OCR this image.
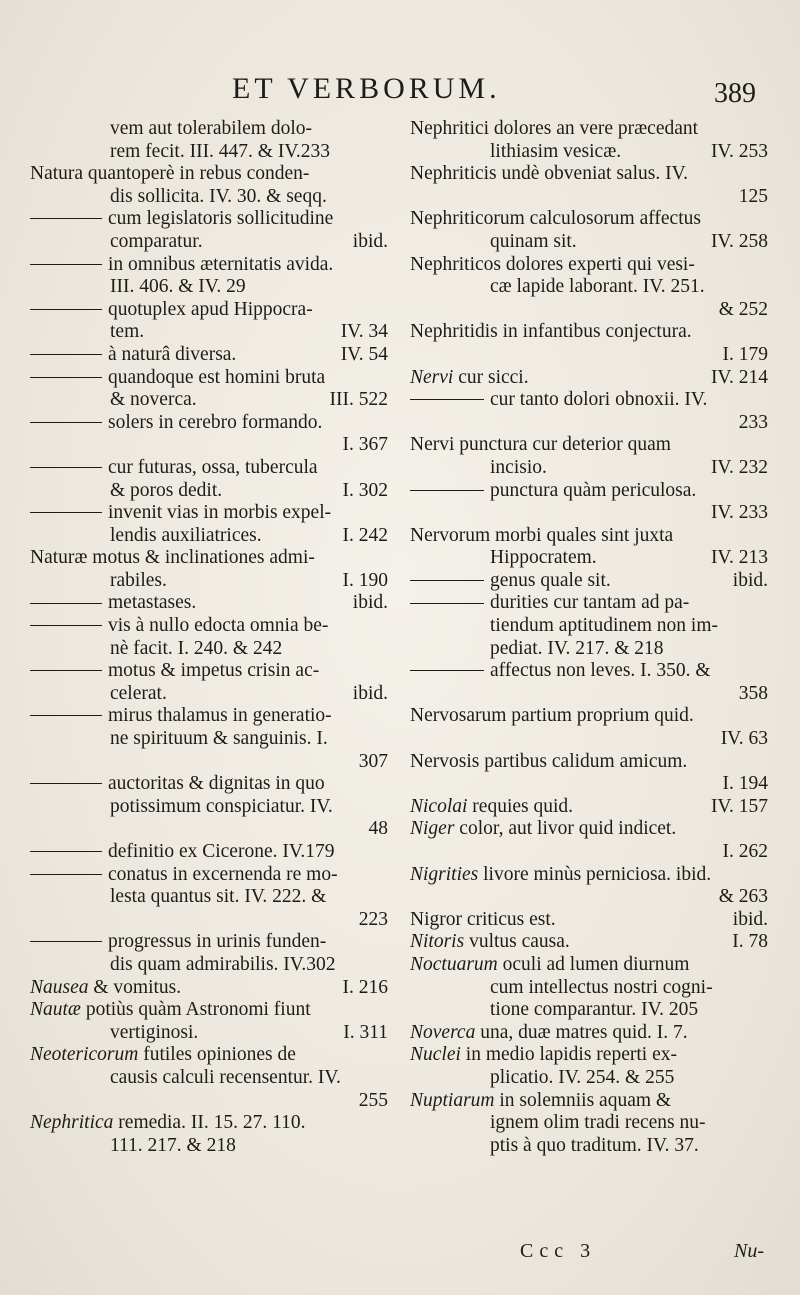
ET VERBORUM.	389
vem aut tolerabilem dolo-
rem fecit. III. 447. & IV.233
Natura quantoperè in rebus conden-
dis sollicita. IV. 30. & seqq.
cum legislatoris sollicitudine
comparatur.	ibid.
in omnibus æternitatis avida.
III. 406. & IV. 29
quotuplex apud Hippocra-
tem.	IV. 34
à naturâ diversa.	IV. 54
quandoque est homini bruta
& noverca.	III. 522
solers in cerebro formando.
I. 367
cur futuras, ossa, tubercula
& poros dedit.	I. 302
invenit vias in morbis expel-
lendis auxiliatrices.	I. 242
Naturæ motus & inclinationes admi-
rabiles.	I. 190
metastases.	ibid.
vis à nullo edocta omnia be-
nè facit. I. 240. & 242
motus & impetus crisin ac-
celerat.	ibid.
mirus thalamus in generatio-
ne spirituum & sanguinis. I.
307
auctoritas & dignitas in quo
potissimum conspiciatur. IV.
48
definitio ex Cicerone. IV.179
conatus in excernenda re mo-
lesta quantus sit. IV. 222. &
223
progressus in urinis funden-
dis quam admirabilis. IV.302
Nausea & vomitus.	I. 216
Nautæ potiùs quàm Astronomi fiunt
vertiginosi.	I. 311
Neotericorum futiles opiniones de
causis calculi recensentur. IV.
255
Nephritica remedia. II. 15. 27. 110.
111. 217. & 218
Nephritici dolores an vere præcedant
lithiasim vesicæ.	IV. 253
Nephriticis undè obveniat salus. IV.
125
Nephriticorum calculosorum affectus
quinam sit.	IV. 258
Nephriticos dolores experti qui vesi-
cæ lapide laborant. IV. 251.
& 252
Nephritidis in infantibus conjectura.
I. 179
Nervi cur sicci.	IV. 214
cur tanto dolori obnoxii. IV.
233
Nervi punctura cur deterior quam
incisio.	IV. 232
punctura quàm periculosa.
IV. 233
Nervorum morbi quales sint juxta
Hippocratem.	IV. 213
genus quale sit.	ibid.
durities cur tantam ad pa-
tiendum aptitudinem non im-
pediat. IV. 217. & 218
affectus non leves. I. 350. &
358
Nervosarum partium proprium quid.
IV. 63
Nervosis partibus calidum amicum.
I. 194
Nicolai requies quid.	IV. 157
Niger color, aut livor quid indicet.
I. 262
Nigrities livore minùs perniciosa. ibid.
& 263
Nigror criticus est.	ibid.
Nitoris vultus causa.	I. 78
Noctuarum oculi ad lumen diurnum
cum intellectus nostri cogni-
tione comparantur. IV. 205
Noverca una, duæ matres quid. I. 7.
Nuclei in medio lapidis reperti ex-
plicatio. IV. 254. & 255
Nuptiarum in solemniis aquam &
ignem olim tradi recens nu-
ptis à quo traditum. IV. 37.
Ccc 3	Nu-
